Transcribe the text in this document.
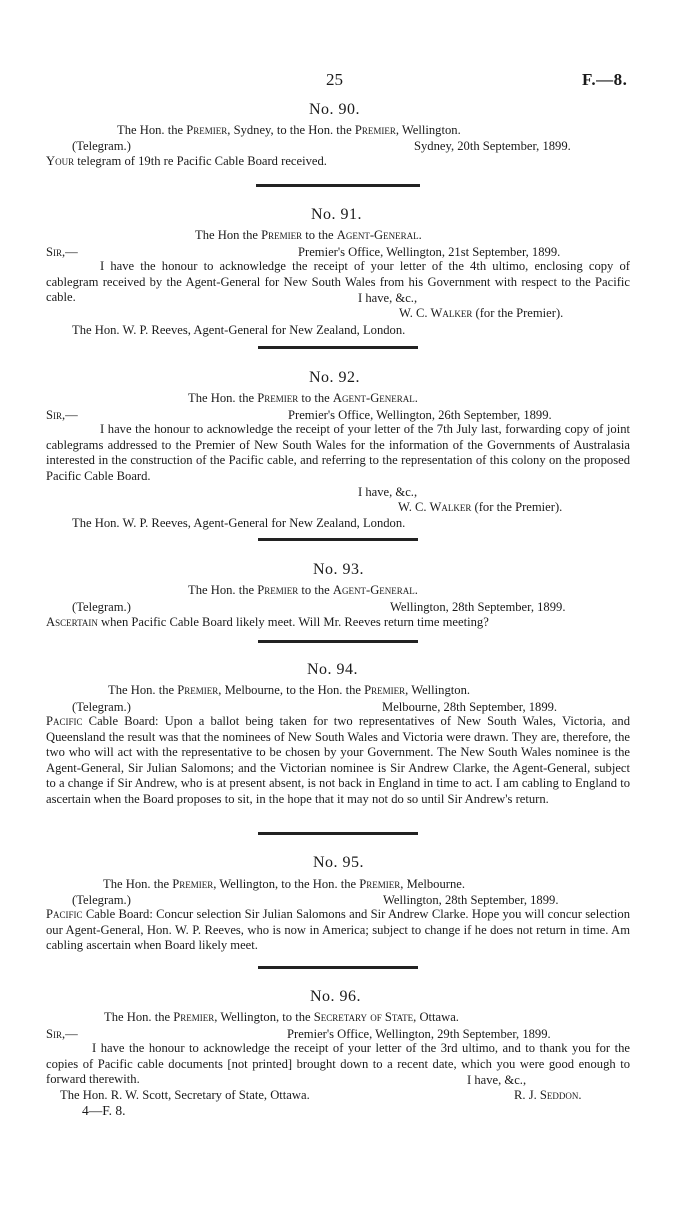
25	F.—8.
No. 90.
The Hon. the Premier, Sydney, to the Hon. the Premier, Wellington.
(Telegram.)	Sydney, 20th September, 1899.
Your telegram of 19th re Pacific Cable Board received.
No. 91.
The Hon the Premier to the Agent-General.
Sir,—	Premier's Office, Wellington, 21st September, 1899.
I have the honour to acknowledge the receipt of your letter of the 4th ultimo, enclosing copy of cablegram received by the Agent-General for New South Wales from his Government with respect to the Pacific cable.	I have, &c.,
W. C. Walker (for the Premier).
The Hon. W. P. Reeves, Agent-General for New Zealand, London.
No. 92.
The Hon. the Premier to the Agent-General.
Sir,—	Premier's Office, Wellington, 26th September, 1899.
I have the honour to acknowledge the receipt of your letter of the 7th July last, forwarding copy of joint cablegrams addressed to the Premier of New South Wales for the information of the Governments of Australasia interested in the construction of the Pacific cable, and referring to the representation of this colony on the proposed Pacific Cable Board.
I have, &c.,
W. C. Walker (for the Premier).
The Hon. W. P. Reeves, Agent-General for New Zealand, London.
No. 93.
The Hon. the Premier to the Agent-General.
(Telegram.)	Wellington, 28th September, 1899.
Ascertain when Pacific Cable Board likely meet. Will Mr. Reeves return time meeting?
No. 94.
The Hon. the Premier, Melbourne, to the Hon. the Premier, Wellington.
(Telegram.)	Melbourne, 28th September, 1899.
Pacific Cable Board: Upon a ballot being taken for two representatives of New South Wales, Victoria, and Queensland the result was that the nominees of New South Wales and Victoria were drawn. They are, therefore, the two who will act with the representative to be chosen by your Government. The New South Wales nominee is the Agent-General, Sir Julian Salomons; and the Victorian nominee is Sir Andrew Clarke, the Agent-General, subject to a change if Sir Andrew, who is at present absent, is not back in England in time to act. I am cabling to England to ascertain when the Board proposes to sit, in the hope that it may not do so until Sir Andrew's return.
No. 95.
The Hon. the Premier, Wellington, to the Hon. the Premier, Melbourne.
(Telegram.)	Wellington, 28th September, 1899.
Pacific Cable Board: Concur selection Sir Julian Salomons and Sir Andrew Clarke. Hope you will concur selection our Agent-General, Hon. W. P. Reeves, who is now in America; subject to change if he does not return in time. Am cabling ascertain when Board likely meet.
No. 96.
The Hon. the Premier, Wellington, to the Secretary of State, Ottawa.
Sir,—	Premier's Office, Wellington, 29th September, 1899.
I have the honour to acknowledge the receipt of your letter of the 3rd ultimo, and to thank you for the copies of Pacific cable documents [not printed] brought down to a recent date, which you were good enough to forward therewith.	I have, &c.,
The Hon. R. W. Scott, Secretary of State, Ottawa.	R. J. Seddon.
4—F. 8.
